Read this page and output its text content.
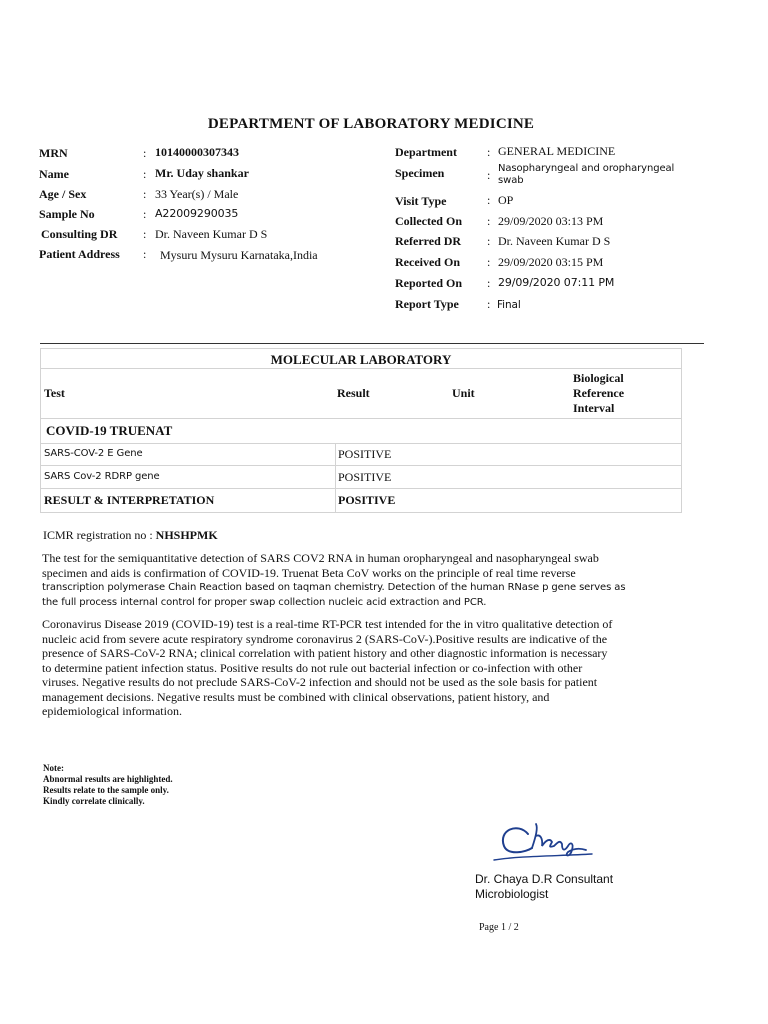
DEPARTMENT OF LABORATORY MEDICINE
MRN	: 10140000307343
Name	: Mr. Uday shankar
Age / Sex	: 33 Year(s) / Male
Sample No	: A22009290035
Consulting DR : Dr. Naveen Kumar D S
Patient Address : Mysuru Mysuru Karnataka,India
Department	: GENERAL MEDICINE
Specimen	: Nasopharyngeal and oropharyngeal
swab
Visit Type	: OP
Collected On : 29/09/2020 03:13 PM
Referred DR : Dr. Naveen Kumar D S
Received On : 29/09/2020 03:15 PM
Reported On : 29/09/2020 07:11 PM
Report Type : Final
MOLECULAR LABORATORY
Test	Result	Unit
Biological
Reference
Interval
COVID-19 TRUENAT
SARS-COV-2 E Gene	POSITIVE
SARS Cov-2 RDRP gene	POSITIVE
RESULT & INTERPRETATION	POSITIVE
ICMR registration no : NHSHPMK
The test for the semiquantitative detection of SARS COV2 RNA in human oropharyngeal and nasopharyngeal swab
specimen and aids is confirmation of COVID-19. Truenat Beta CoV works on the principle of real time reverse
transcription polymerase Chain Reaction based on taqman chemistry. Detection of the human RNase p gene serves as
the full process internal control for proper swap collection nucleic acid extraction and PCR.
Coronavirus Disease 2019 (COVID-19) test is a real-time RT-PCR test intended for the in vitro qualitative detection of
nucleic acid from severe acute respiratory syndrome coronavirus 2 (SARS-CoV-).Positive results are indicative of the
presence of SARS-CoV-2 RNA; clinical correlation with patient history and other diagnostic information is necessary
to determine patient infection status. Positive results do not rule out bacterial infection or co-infection with other
viruses. Negative results do not preclude SARS-CoV-2 infection and should not be used as the sole basis for patient
management decisions. Negative results must be combined with clinical observations, patient history, and
epidemiological information.
Note:
Abnormal results are highlighted.
Results relate to the sample only.
Kindly correlate clinically.
Dr. Chaya D.R Consultant
Microbiologist
Page 1 / 2
